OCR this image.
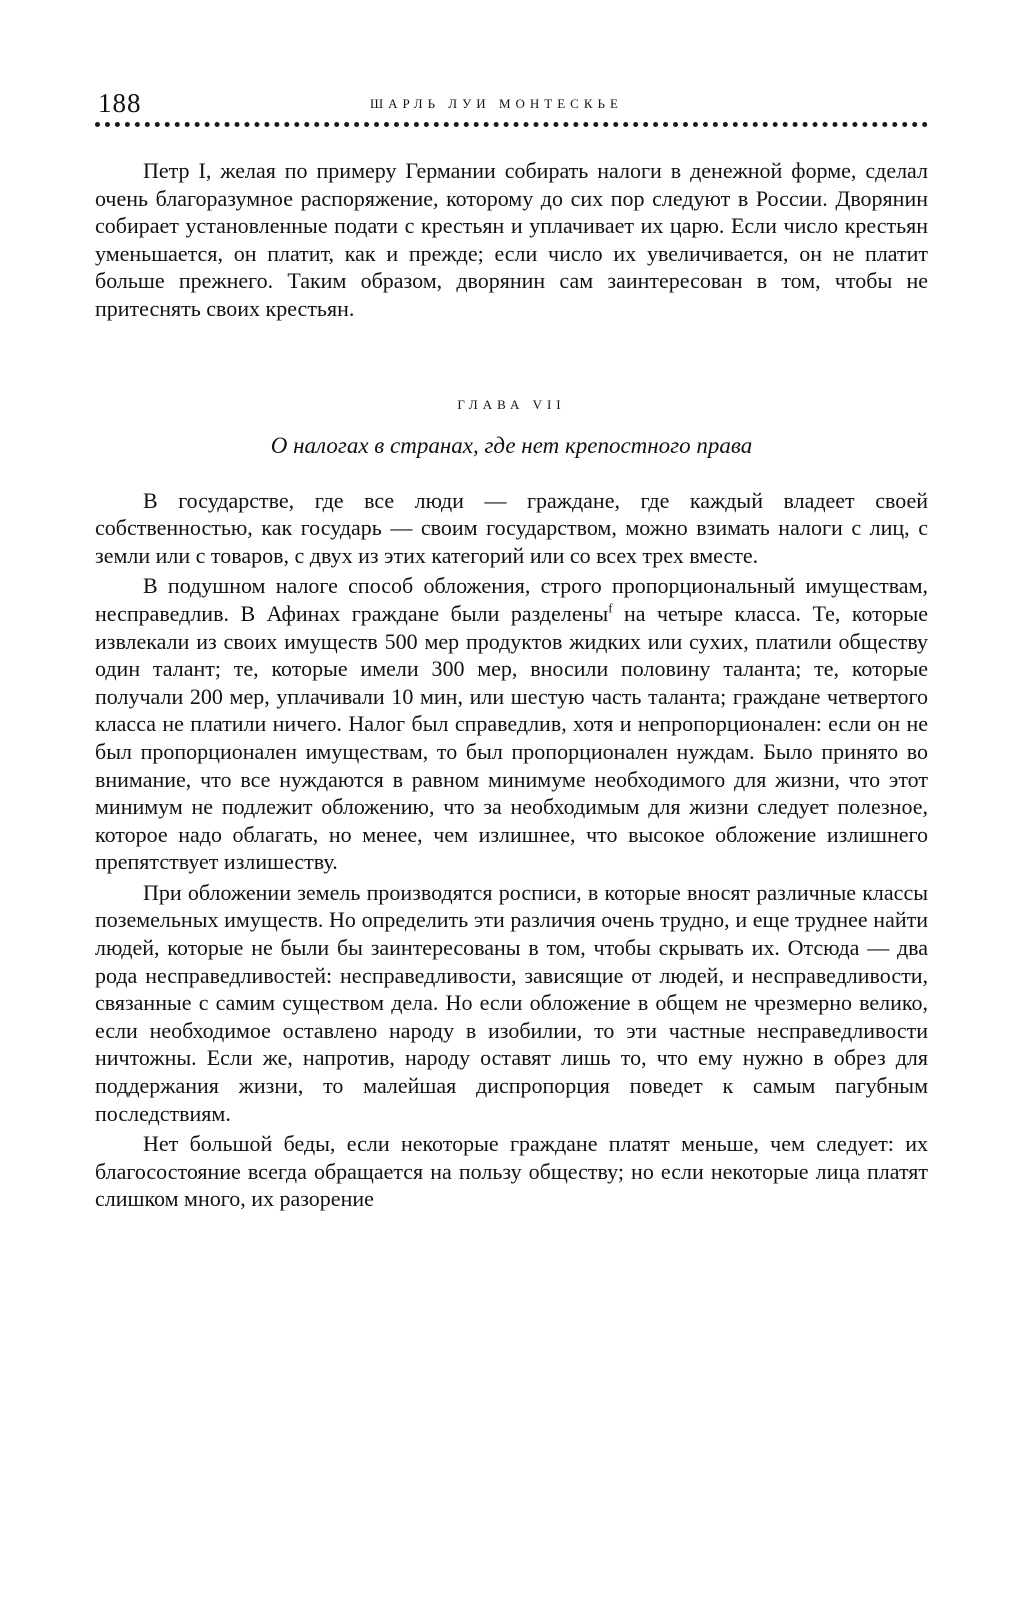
188	ШАРЛЬ ЛУИ МОНТЕСКЬЕ

Петр I, желая по примеру Германии собирать налоги в денежной форме, сделал очень благоразумное распоряжение, которому до сих пор следуют в России. Дворянин собирает установленные подати с крестьян и уплачивает их царю. Если число крестьян уменьшается, он платит, как и прежде; если число их увеличивается, он не платит больше прежнего. Таким образом, дворянин сам заинтересован в том, чтобы не притеснять своих крестьян.

ГЛАВА VII
О налогах в странах, где нет крепостного права

В государстве, где все люди — граждане, где каждый владеет своей собственностью, как государь — своим государством, можно взимать налоги с лиц, с земли или с товаров, с двух из этих категорий или со всех трех вместе.

В подушном налоге способ обложения, строго пропорциональный имуществам, несправедлив. В Афинах граждане были разделены$^f$ на четыре класса. Те, которые извлекали из своих имуществ 500 мер продуктов жидких или сухих, платили обществу один талант; те, которые имели 300 мер, вносили половину таланта; те, которые получали 200 мер, уплачивали 10 мин, или шестую часть таланта; граждане четвертого класса не платили ничего. Налог был справедлив, хотя и непропорционален: если он не был пропорционален имуществам, то был пропорционален нуждам. Было принято во внимание, что все нуждаются в равном минимуме необходимого для жизни, что этот минимум не подлежит обложению, что за необходимым для жизни следует полезное, которое надо облагать, но менее, чем излишнее, что высокое обложение излишнего препятствует излишеству.

При обложении земель производятся росписи, в которые вносят различные классы поземельных имуществ. Но определить эти различия очень трудно, и еще труднее найти людей, которые не были бы заинтересованы в том, чтобы скрывать их. Отсюда — два рода несправедливостей: несправедливости, зависящие от людей, и несправедливости, связанные с самим существом дела. Но если обложение в общем не чрезмерно велико, если необходимое оставлено народу в изобилии, то эти частные несправедливости ничтожны. Если же, напротив, народу оставят лишь то, что ему нужно в обрез для поддержания жизни, то малейшая диспропорция поведет к самым пагубным последствиям.

Нет большой беды, если некоторые граждане платят меньше, чем следует: их благосостояние всегда обращается на пользу обществу; но если некоторые лица платят слишком много, их разорение
